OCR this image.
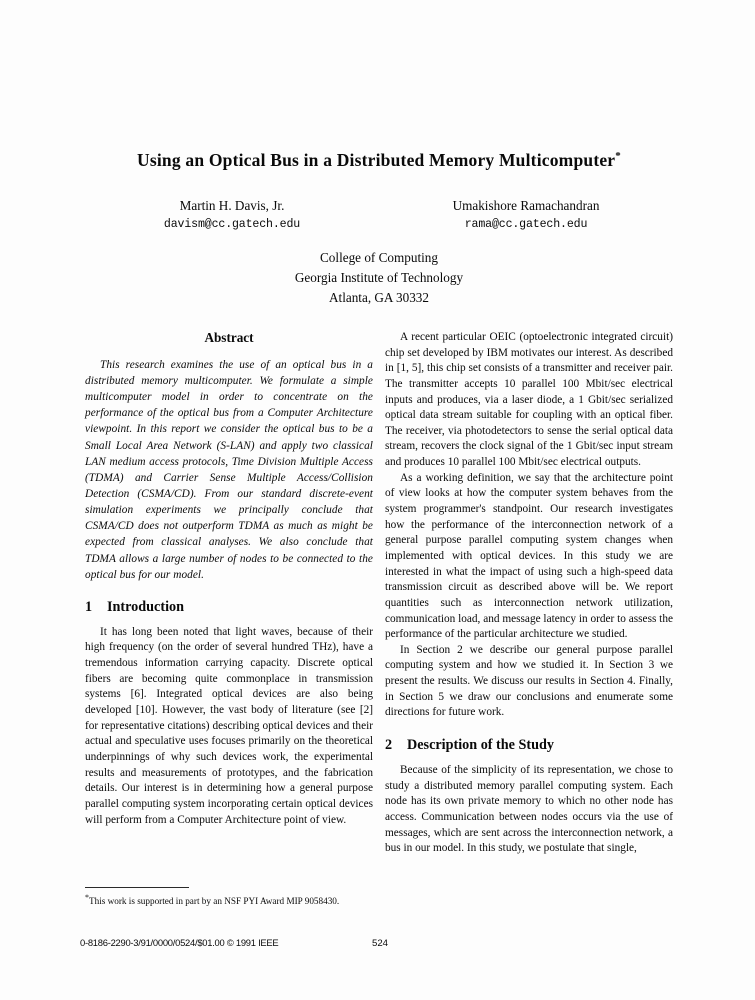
Using an Optical Bus in a Distributed Memory Multicomputer*
Martin H. Davis, Jr.
davism@cc.gatech.edu
Umakishore Ramachandran
rama@cc.gatech.edu
College of Computing
Georgia Institute of Technology
Atlanta, GA 30332
Abstract

This research examines the use of an optical bus in a distributed memory multicomputer. We formulate a simple multicomputer model in order to concentrate on the performance of the optical bus from a Computer Architecture viewpoint. In this report we consider the optical bus to be a Small Local Area Network (S-LAN) and apply two classical LAN medium access protocols, Time Division Multiple Access (TDMA) and Carrier Sense Multiple Access/Collision Detection (CSMA/CD). From our standard discrete-event simulation experiments we principally conclude that CSMA/CD does not outperform TDMA as much as might be expected from classical analyses. We also conclude that TDMA allows a large number of nodes to be connected to the optical bus for our model.

1 Introduction

It has long been noted that light waves, because of their high frequency (on the order of several hundred THz), have a tremendous information carrying capacity. Discrete optical fibers are becoming quite commonplace in transmission systems [6]. Integrated optical devices are also being developed [10]. However, the vast body of literature (see [2] for representative citations) describing optical devices and their actual and speculative uses focuses primarily on the theoretical underpinnings of why such devices work, the experimental results and measurements of prototypes, and the fabrication details. Our interest is in determining how a general purpose parallel computing system incorporating certain optical devices will perform from a Computer Architecture point of view.

A recent particular OEIC (optoelectronic integrated circuit) chip set developed by IBM motivates our interest. As described in [1, 5], this chip set consists of a transmitter and receiver pair. The transmitter accepts 10 parallel 100 Mbit/sec electrical inputs and produces, via a laser diode, a 1 Gbit/sec serialized optical data stream suitable for coupling with an optical fiber. The receiver, via photodetectors to sense the serial optical data stream, recovers the clock signal of the 1 Gbit/sec input stream and produces 10 parallel 100 Mbit/sec electrical outputs.

As a working definition, we say that the architecture point of view looks at how the computer system behaves from the system programmer's standpoint. Our research investigates how the performance of the interconnection network of a general purpose parallel computing system changes when implemented with optical devices. In this study we are interested in what the impact of using such a high-speed data transmission circuit as described above will be. We report quantities such as interconnection network utilization, communication load, and message latency in order to assess the performance of the particular architecture we studied.

In Section 2 we describe our general purpose parallel computing system and how we studied it. In Section 3 we present the results. We discuss our results in Section 4. Finally, in Section 5 we draw our conclusions and enumerate some directions for future work.

2 Description of the Study

Because of the simplicity of its representation, we chose to study a distributed memory parallel computing system. Each node has its own private memory to which no other node has access. Communication between nodes occurs via the use of messages, which are sent across the interconnection network, a bus in our model. In this study, we postulate that single,

*This work is supported in part by an NSF PYI Award MIP 9058430.
0-8186-2290-3/91/0000/0524/$01.00 © 1991 IEEE	524
